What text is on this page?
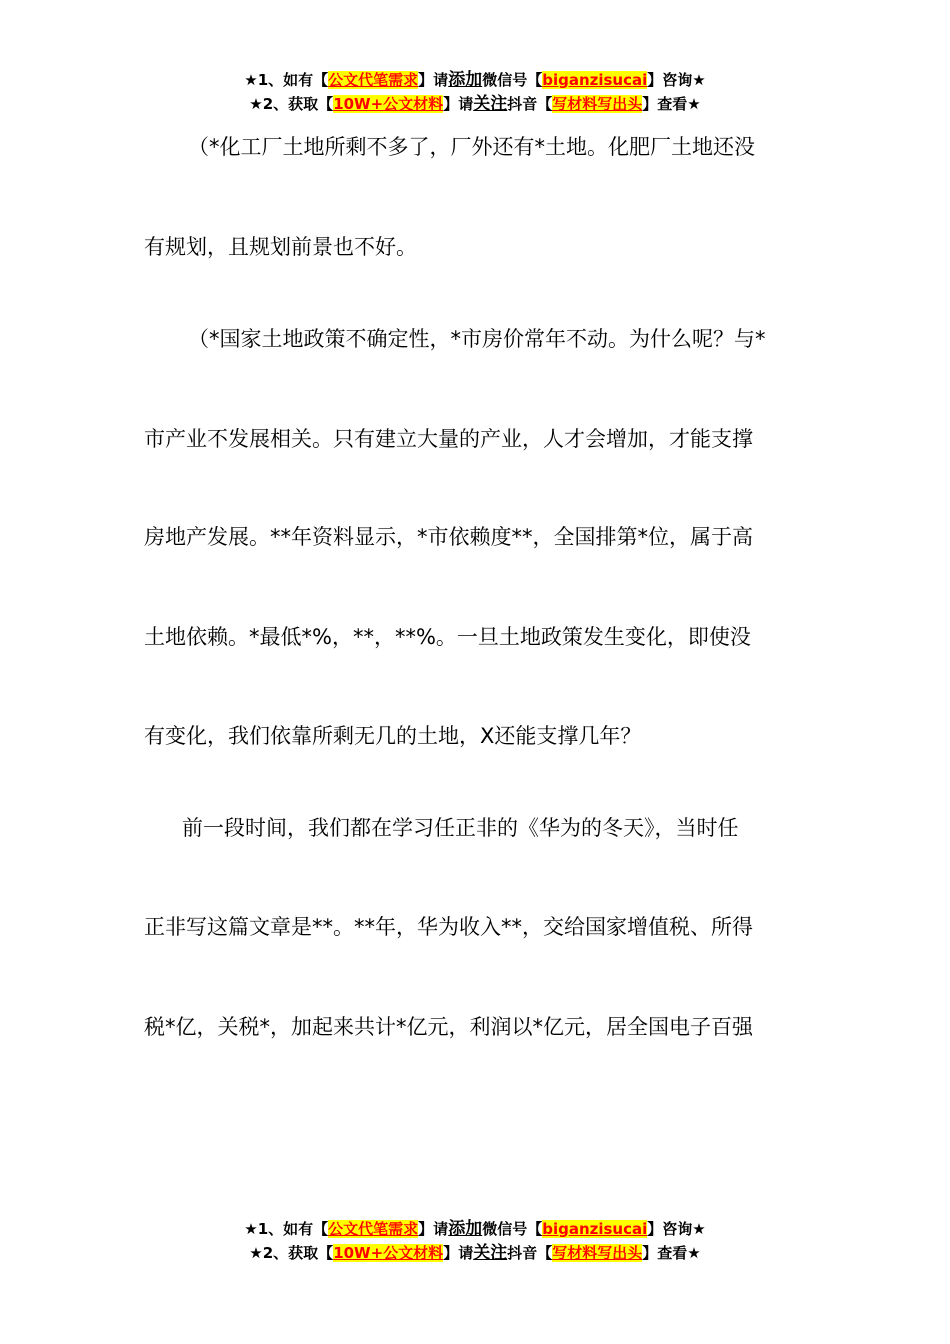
★1、如有【公文代笔需求】请添加微信号【biganzisucai】咨询★
★2、获取【10W+公文材料】请关注抖音【写材料写出头】查看★
（*化工厂土地所剩不多了，厂外还有*土地。化肥厂土地还没
有规划，且规划前景也不好。
（*国家土地政策不确定性，*市房价常年不动。为什么呢？与*
市产业不发展相关。只有建立大量的产业，人才会增加，才能支撑
房地产发展。**年资料显示，*市依赖度**，全国排第*位，属于高
土地依赖。*最低*%，**，**%。一旦土地政策发生变化，即使没
有变化，我们依靠所剩无几的土地，X还能支撑几年？
前一段时间，我们都在学习任正非的《华为的冬天》，当时任
正非写这篇文章是**。**年，华为收入**，交给国家增值税、所得
税*亿，关税*，加起来共计*亿元，利润以*亿元，居全国电子百强
★1、如有【公文代笔需求】请添加微信号【biganzisucai】咨询★
★2、获取【10W+公文材料】请关注抖音【写材料写出头】查看★
